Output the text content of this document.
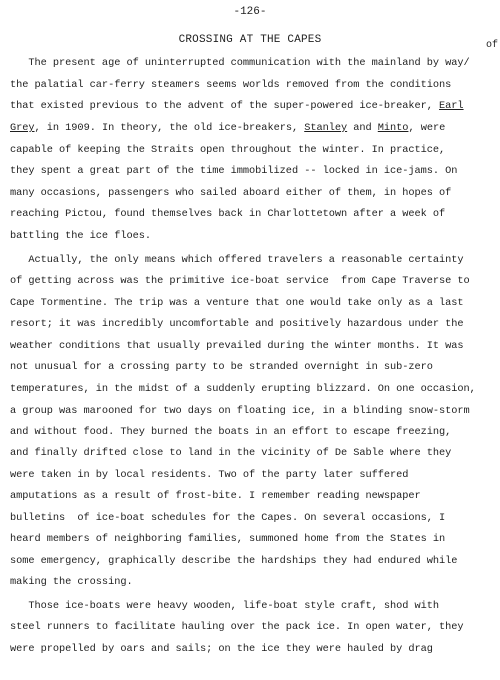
-126-
CROSSING AT THE CAPES	of
The present age of uninterrupted communication with the mainland by way/
the palatial car-ferry steamers seems worlds removed from the conditions
that existed previous to the advent of the super-powered ice-breaker, Earl
Grey, in 1909. In theory, the old ice-breakers, Stanley and Minto, were
capable of keeping the Straits open throughout the winter. In practice,
they spent a great part of the time immobilized -- locked in ice-jams. On
many occasions, passengers who sailed aboard either of them, in hopes of
reaching Pictou, found themselves back in Charlottetown after a week of
battling the ice floes.
Actually, the only means which offered travelers a reasonable certainty
of getting across was the primitive ice-boat service  from Cape Traverse to
Cape Tormentine. The trip was a venture that one would take only as a last
resort; it was incredibly uncomfortable and positively hazardous under the
weather conditions that usually prevailed during the winter months. It was
not unusual for a crossing party to be stranded overnight in sub-zero
temperatures, in the midst of a suddenly erupting blizzard. On one occasion,
a group was marooned for two days on floating ice, in a blinding snow-storm
and without food. They burned the boats in an effort to escape freezing,
and finally drifted close to land in the vicinity of De Sable where they
were taken in by local residents. Two of the party later suffered
amputations as a result of frost-bite. I remember reading newspaper
bulletins  of ice-boat schedules for the Capes. On several occasions, I
heard members of neighboring families, summoned home from the States in
some emergency, graphically describe the hardships they had endured while
making the crossing.
Those ice-boats were heavy wooden, life-boat style craft, shod with
steel runners to facilitate hauling over the pack ice. In open water, they
were propelled by oars and sails; on the ice they were hauled by drag
